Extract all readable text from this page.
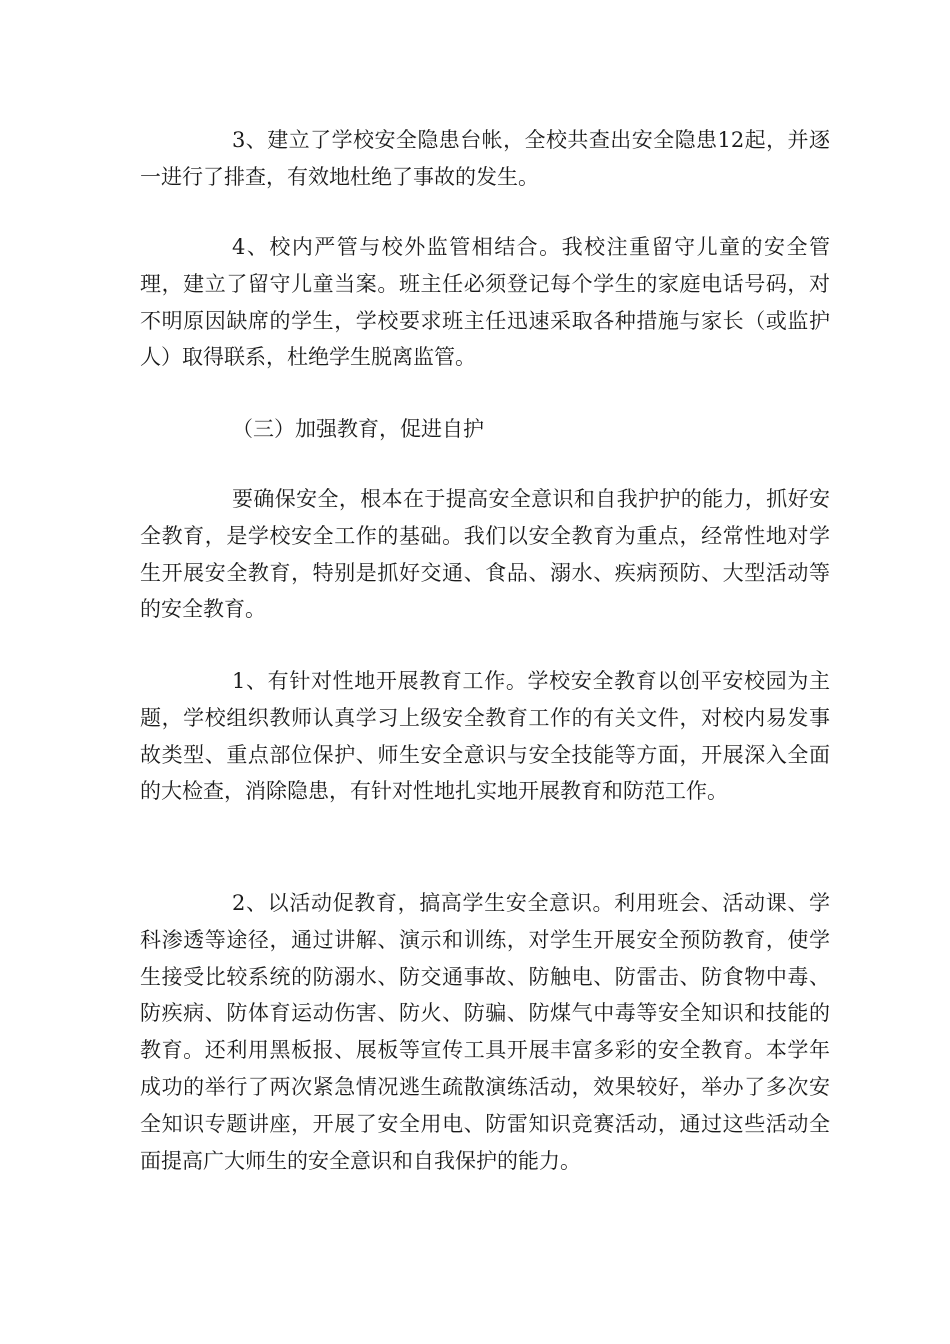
3、建立了学校安全隐患台帐，全校共查出安全隐患12起，并逐一进行了排查，有效地杜绝了事故的发生。

4、校内严管与校外监管相结合。我校注重留守儿童的安全管理，建立了留守儿童当案。班主任必须登记每个学生的家庭电话号码，对不明原因缺席的学生，学校要求班主任迅速采取各种措施与家长（或监护人）取得联系，杜绝学生脱离监管。

（三）加强教育，促进自护

要确保安全，根本在于提高安全意识和自我护护的能力，抓好安全教育，是学校安全工作的基础。我们以安全教育为重点，经常性地对学生开展安全教育，特别是抓好交通、食品、溺水、疾病预防、大型活动等的安全教育。

1、有针对性地开展教育工作。学校安全教育以创平安校园为主题，学校组织教师认真学习上级安全教育工作的有关文件，对校内易发事故类型、重点部位保护、师生安全意识与安全技能等方面，开展深入全面的大检查，消除隐患，有针对性地扎实地开展教育和防范工作。

2、以活动促教育，搞高学生安全意识。利用班会、活动课、学科渗透等途径，通过讲解、演示和训练，对学生开展安全预防教育，使学生接受比较系统的防溺水、防交通事故、防触电、防雷击、防食物中毒、防疾病、防体育运动伤害、防火、防骗、防煤气中毒等安全知识和技能的教育。还利用黑板报、展板等宣传工具开展丰富多彩的安全教育。本学年成功的举行了两次紧急情况逃生疏散演练活动，效果较好，举办了多次安全知识专题讲座，开展了安全用电、防雷知识竞赛活动，通过这些活动全面提高广大师生的安全意识和自我保护的能力。
